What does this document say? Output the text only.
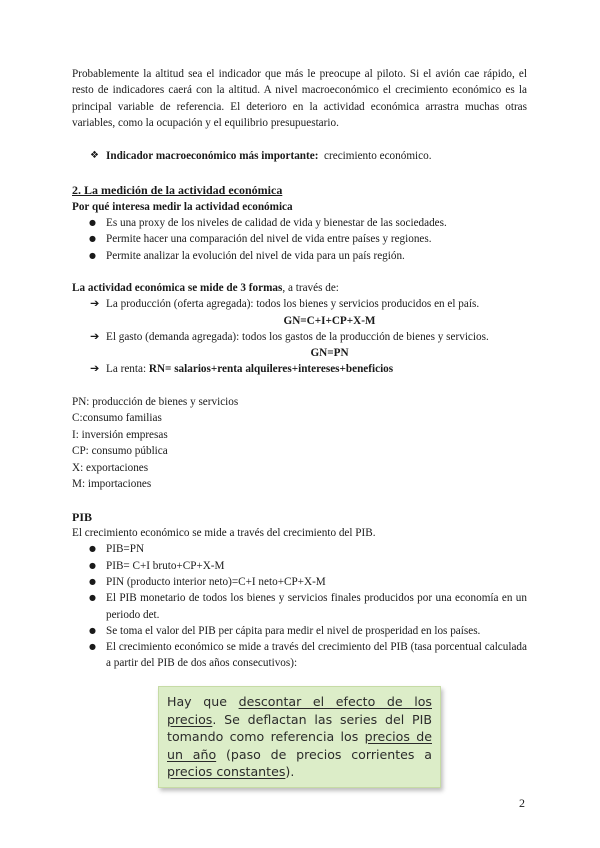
Probablemente la altitud sea el indicador que más le preocupe al piloto. Si el avión cae rápido, el resto de indicadores caerá con la altitud. A nivel macroeconómico el crecimiento económico es la principal variable de referencia. El deterioro en la actividad económica arrastra muchas otras variables, como la ocupación y el equilibrio presupuestario.

❖ Indicador macroeconómico más importante: crecimiento económico.

2. La medición de la actividad económica

Por qué interesa medir la actividad económica

● Es una proxy de los niveles de calidad de vida y bienestar de las sociedades.
● Permite hacer una comparación del nivel de vida entre países y regiones.
● Permite analizar la evolución del nivel de vida para un país región.

La actividad económica se mide de 3 formas, a través de:

➔ La producción (oferta agregada): todos los bienes y servicios producidos en el país.

GN=C+I+CP+X-M

➔ El gasto (demanda agregada): todos los gastos de la producción de bienes y servicios.

GN=PN

➔ La renta: RN= salarios+renta alquileres+intereses+beneficios

PN: producción de bienes y servicios

C:consumo familias

I: inversión empresas

CP: consumo pública

X: exportaciones

M: importaciones

PIB

El crecimiento económico se mide a través del crecimiento del PIB.

● PIB=PN
● PIB= C+I bruto+CP+X-M
● PIN (producto interior neto)=C+I neto+CP+X-M
● El PIB monetario de todos los bienes y servicios finales producidos por una economía en un periodo det.
● Se toma el valor del PIB per cápita para medir el nivel de prosperidad en los países.
● El crecimiento económico se mide a través del crecimiento del PIB (tasa porcentual calculada a partir del PIB de dos años consecutivos):
Hay que descontar el efecto de los precios. Se deflactan las series del PIB tomando como referencia los precios de un año (paso de precios corrientes a precios constantes).
2
